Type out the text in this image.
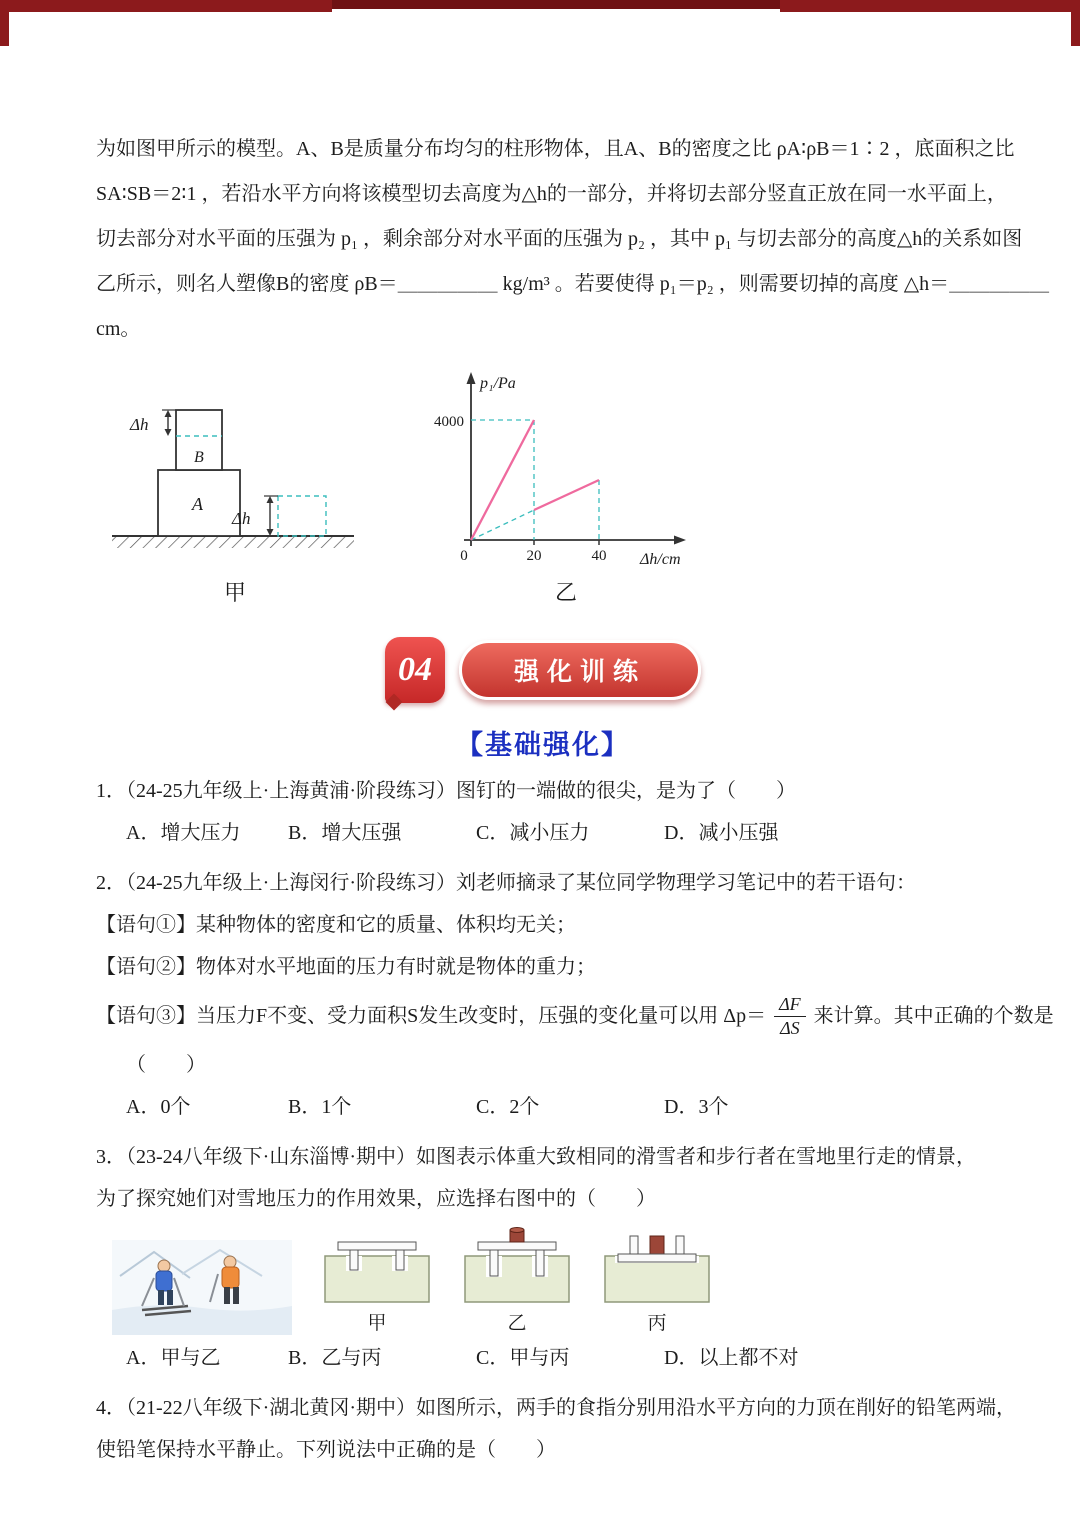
为如图甲所示的模型。A、B是质量分布均匀的柱形物体，且A、B的密度之比 ρA∶ρB＝1∶2 ，底面积之比
SA∶SB＝2∶1 ，若沿水平方向将该模型切去高度为△h的一部分，并将切去部分竖直正放在同一水平面上，
切去部分对水平面的压强为 p₁ ，剩余部分对水平面的压强为 p₂ ，其中 p₁ 与切去部分的高度△h的关系如图
乙所示，则名人塑像B的密度 ρB＝＿＿＿＿＿ kg/m³ 。若要使得 p₁＝p₂ ，则需要切掉的高度 △h＝＿＿＿＿＿
cm。
Δh
A
B
Δh
甲
p₁/Pa
4000
0	20	40 Δh/cm
乙
04	强化训练
【基础强化】
1．（24-25九年级上·上海黄浦·阶段练习）图钉的一端做的很尖，是为了（　　）
A．增大压力	B．增大压强	C．减小压力	D．减小压强
2．（24-25九年级上·上海闵行·阶段练习）刘老师摘录了某位同学物理学习笔记中的若干语句：
【语句①】某种物体的密度和它的质量、体积均无关；
【语句②】物体对水平地面的压力有时就是物体的重力；
【语句③】当压力F不变、受力面积S发生改变时，压强的变化量可以用 $\Delta p= \frac{\Delta F}{\Delta S}$ 来计算。其中正确的个数是
（　　）
A．0个	B．1个	C．2个	D．3个
3．（23-24八年级下·山东淄博·期中）如图表示体重大致相同的滑雪者和步行者在雪地里行走的情景，
为了探究她们对雪地压力的作用效果，应选择右图中的（　　）
甲	乙	丙
A．甲与乙	B．乙与丙	C．甲与丙	D．以上都不对
4．（21-22八年级下·湖北黄冈·期中）如图所示，两手的食指分别用沿水平方向的力顶在削好的铅笔两端，
使铅笔保持水平静止。下列说法中正确的是（　　）
